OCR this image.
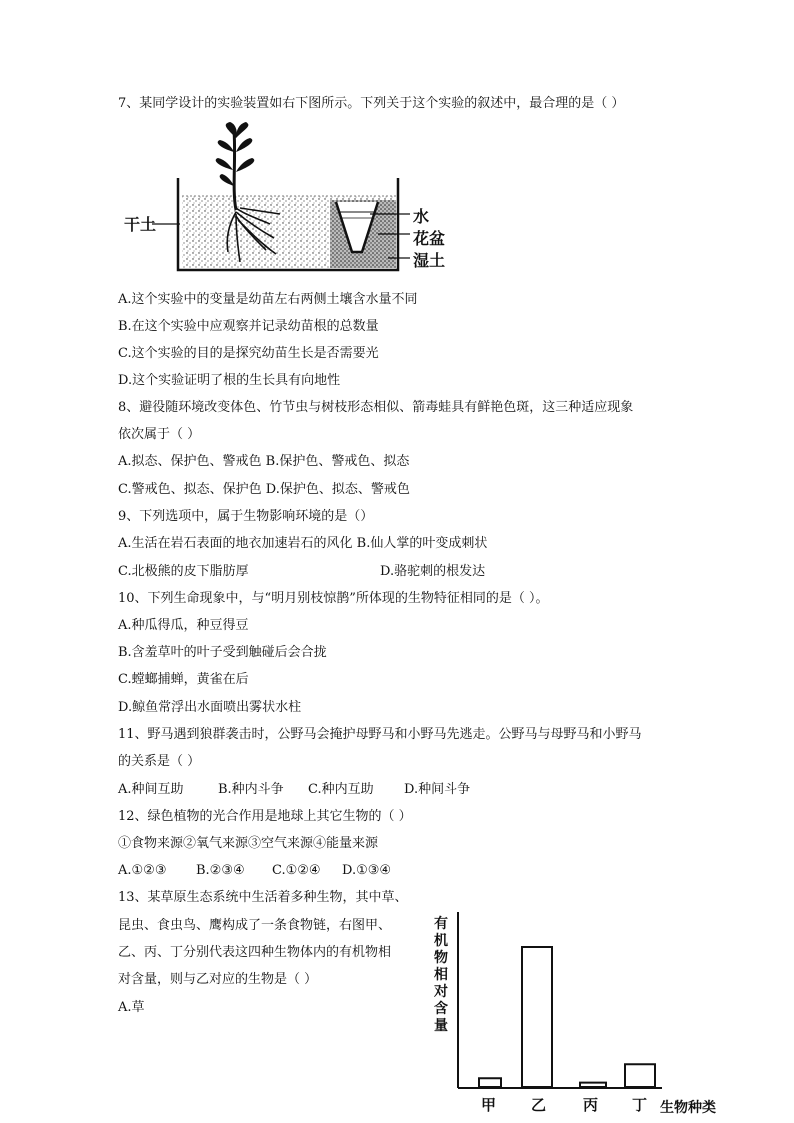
7、某同学设计的实验装置如右下图所示。下列关于这个实验的叙述中，最合理的是（ ）
干土	水
花盆
湿土
A.这个实验中的变量是幼苗左右两侧土壤含水量不同
B.在这个实验中应观察并记录幼苗根的总数量
C.这个实验的目的是探究幼苗生长是否需要光
D.这个实验证明了根的生长具有向地性
8、避役随环境改变体色、竹节虫与树枝形态相似、箭毒蛙具有鲜艳色斑，这三种适应现象
依次属于（ ）
A.拟态、保护色、警戒色 B.保护色、警戒色、拟态
C.警戒色、拟态、保护色 D.保护色、拟态、警戒色
9、下列选项中，属于生物影响环境的是（）
A.生活在岩石表面的地衣加速岩石的风化 B.仙人掌的叶变成刺状
C.北极熊的皮下脂肪厚	D.骆驼刺的根发达
10、下列生命现象中，与“明月别枝惊鹊”所体现的生物特征相同的是（ ）。
A.种瓜得瓜，种豆得豆
B.含羞草叶的叶子受到触碰后会合拢
C.螳螂捕蝉，黄雀在后
D.鲸鱼常浮出水面喷出雾状水柱
11、野马遇到狼群袭击时，公野马会掩护母野马和小野马先逃走。公野马与母野马和小野马
的关系是（ ）
A.种间互助	B.种内斗争 C.种内互助 D.种间斗争
12、绿色植物的光合作用是地球上其它生物的（ ）
①食物来源②氧气来源③空气来源④能量来源
A.①②③ B.②③④ C.①②④ D.①③④
13、某草原生态系统中生活着多种生物，其中草、
昆虫、食虫鸟、鹰构成了一条食物链，右图甲、
乙、丙、丁分别代表这四种生物体内的有机物相
对含量，则与乙对应的生物是（ ）
A.草
有机物相对含量
甲 乙 丙 丁 生物种类
